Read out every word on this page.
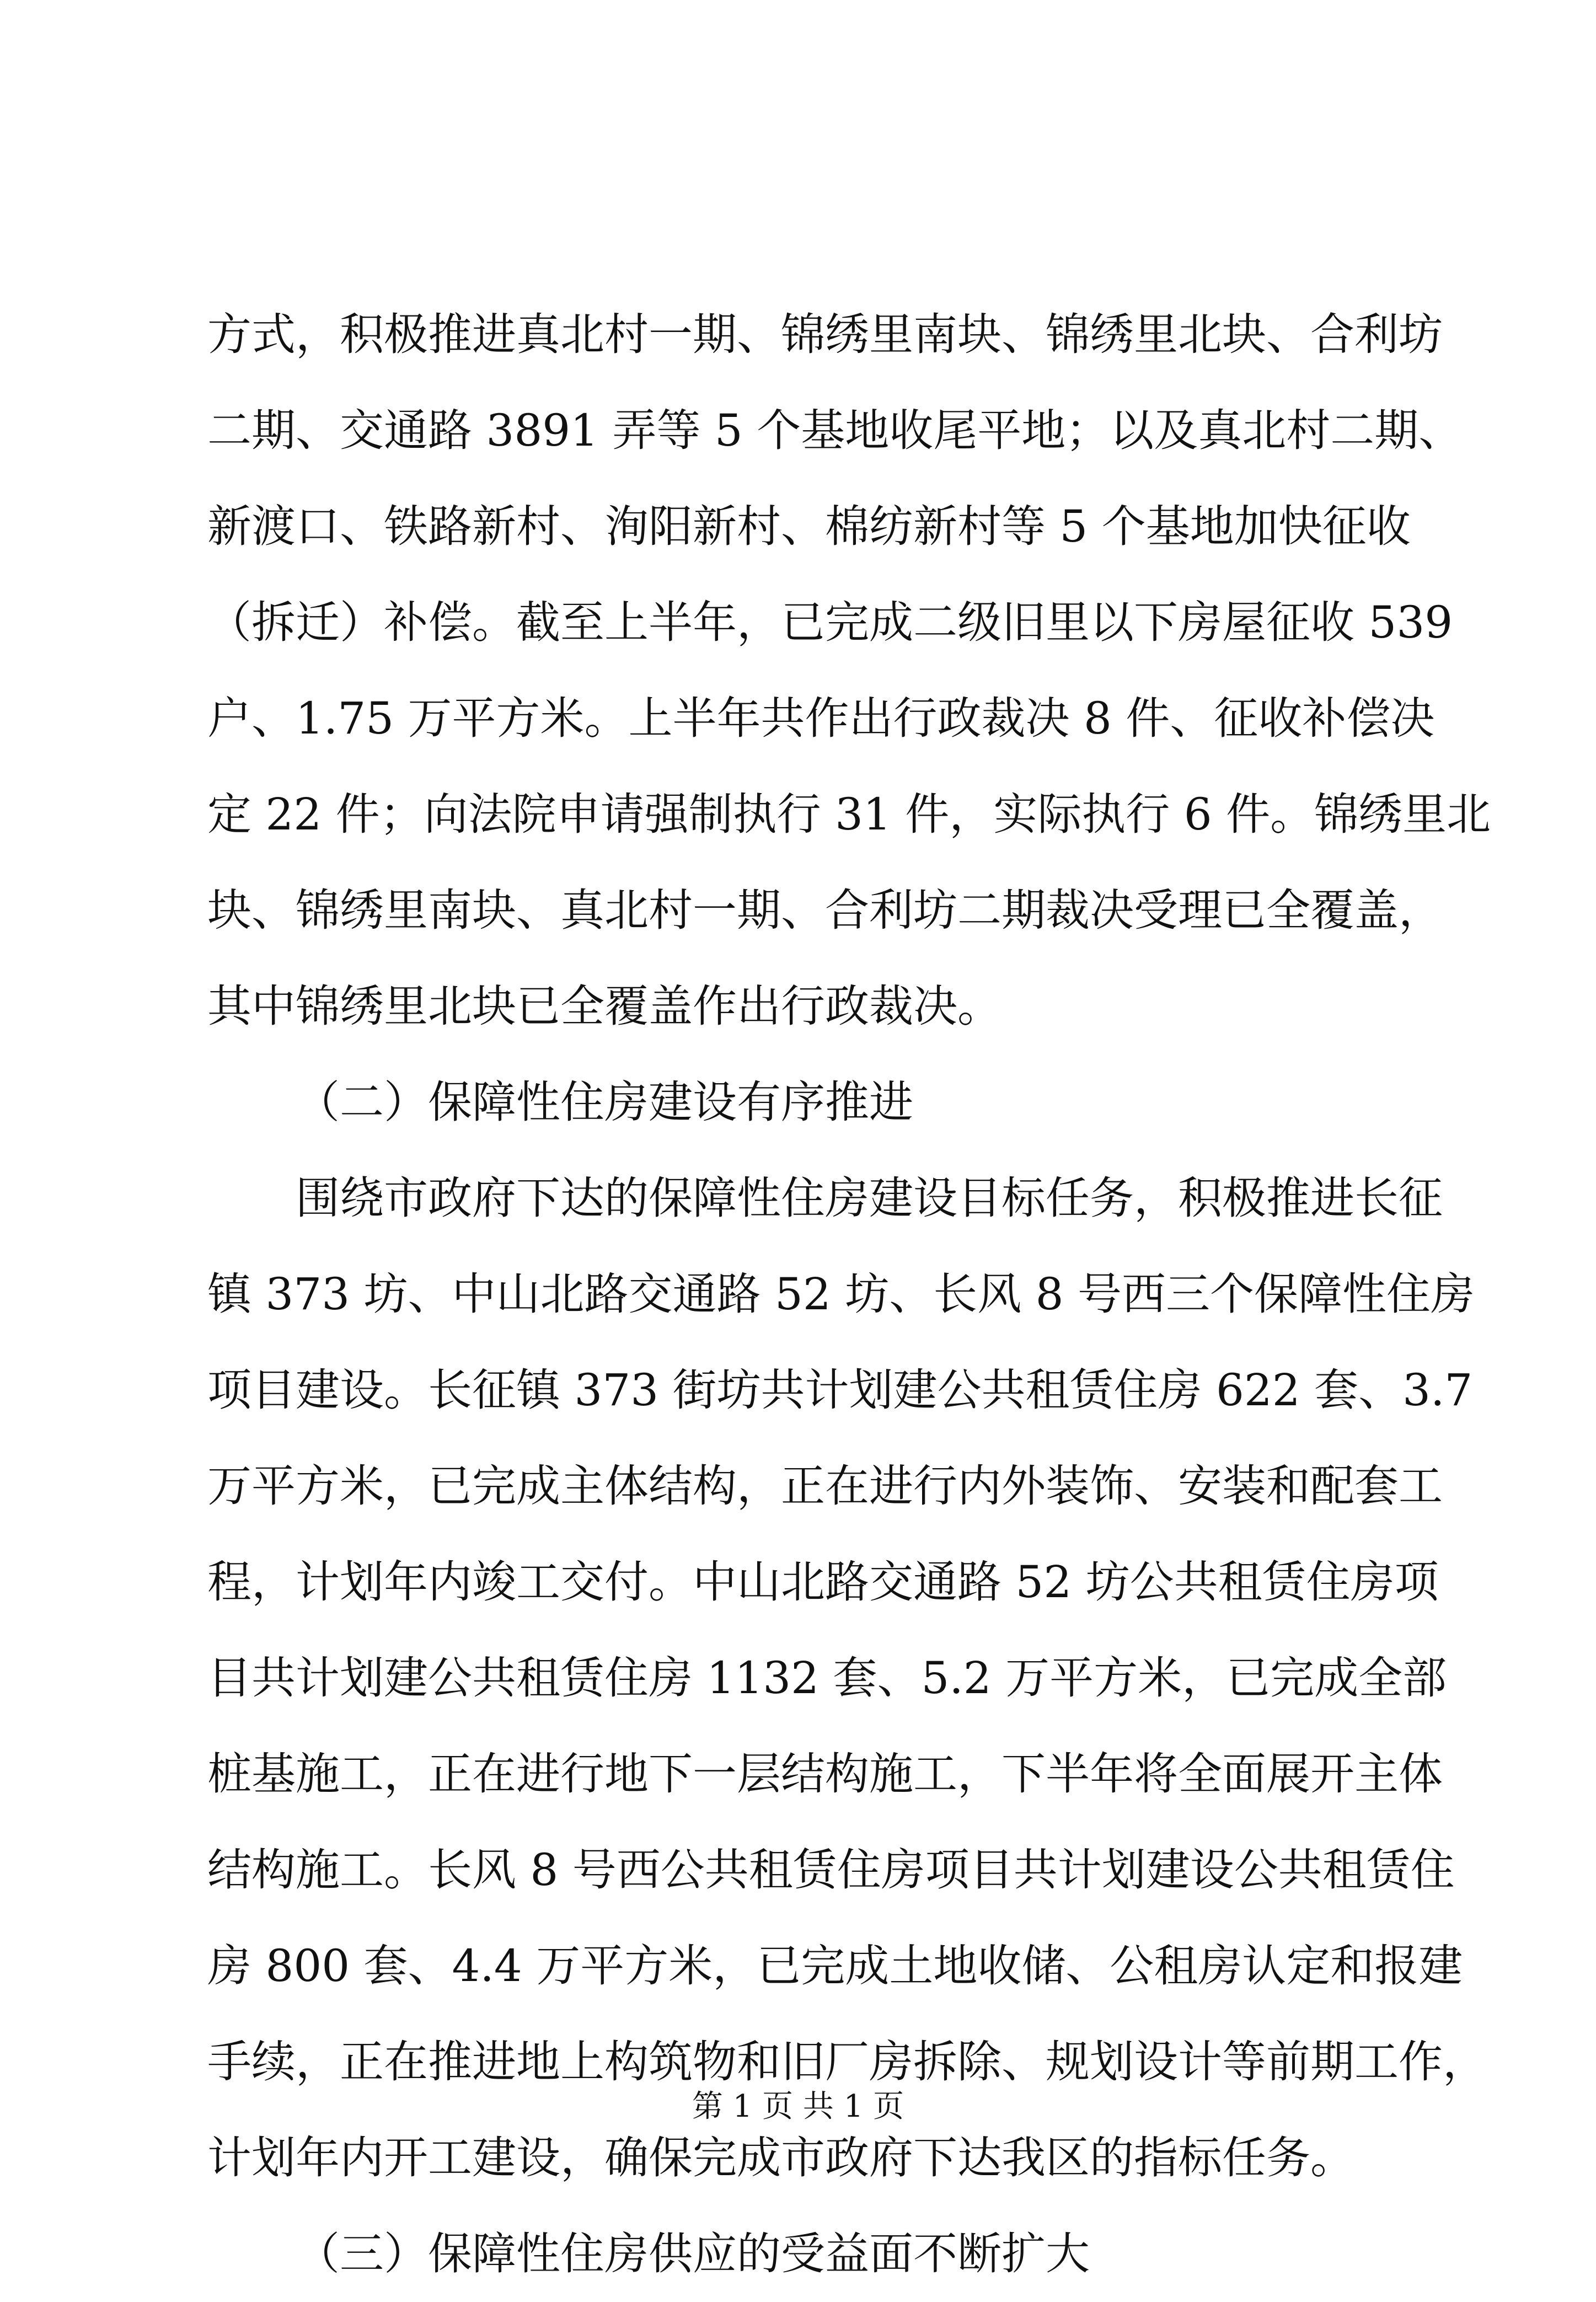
方式，积极推进真北村一期、锦绣里南块、锦绣里北块、合利坊
二期、交通路 3891 弄等 5 个基地收尾平地；以及真北村二期、
新渡口、铁路新村、洵阳新村、棉纺新村等 5 个基地加快征收
（拆迁）补偿。截至上半年，已完成二级旧里以下房屋征收 539
户、1.75 万平方米。上半年共作出行政裁决 8 件、征收补偿决
定 22 件；向法院申请强制执行 31 件，实际执行 6 件。锦绣里北
块、锦绣里南块、真北村一期、合利坊二期裁决受理已全覆盖，
其中锦绣里北块已全覆盖作出行政裁决。
（二）保障性住房建设有序推进
围绕市政府下达的保障性住房建设目标任务，积极推进长征
镇 373 坊、中山北路交通路 52 坊、长风 8 号西三个保障性住房
项目建设。长征镇 373 街坊共计划建公共租赁住房 622 套、3.7
万平方米，已完成主体结构，正在进行内外装饰、安装和配套工
程，计划年内竣工交付。中山北路交通路 52 坊公共租赁住房项
目共计划建公共租赁住房 1132 套、5.2 万平方米，已完成全部
桩基施工，正在进行地下一层结构施工，下半年将全面展开主体
结构施工。长风 8 号西公共租赁住房项目共计划建设公共租赁住
房 800 套、4.4 万平方米，已完成土地收储、公租房认定和报建
手续，正在推进地上构筑物和旧厂房拆除、规划设计等前期工作，
计划年内开工建设，确保完成市政府下达我区的指标任务。
（三）保障性住房供应的受益面不断扩大
第 1 页 共 1 页
